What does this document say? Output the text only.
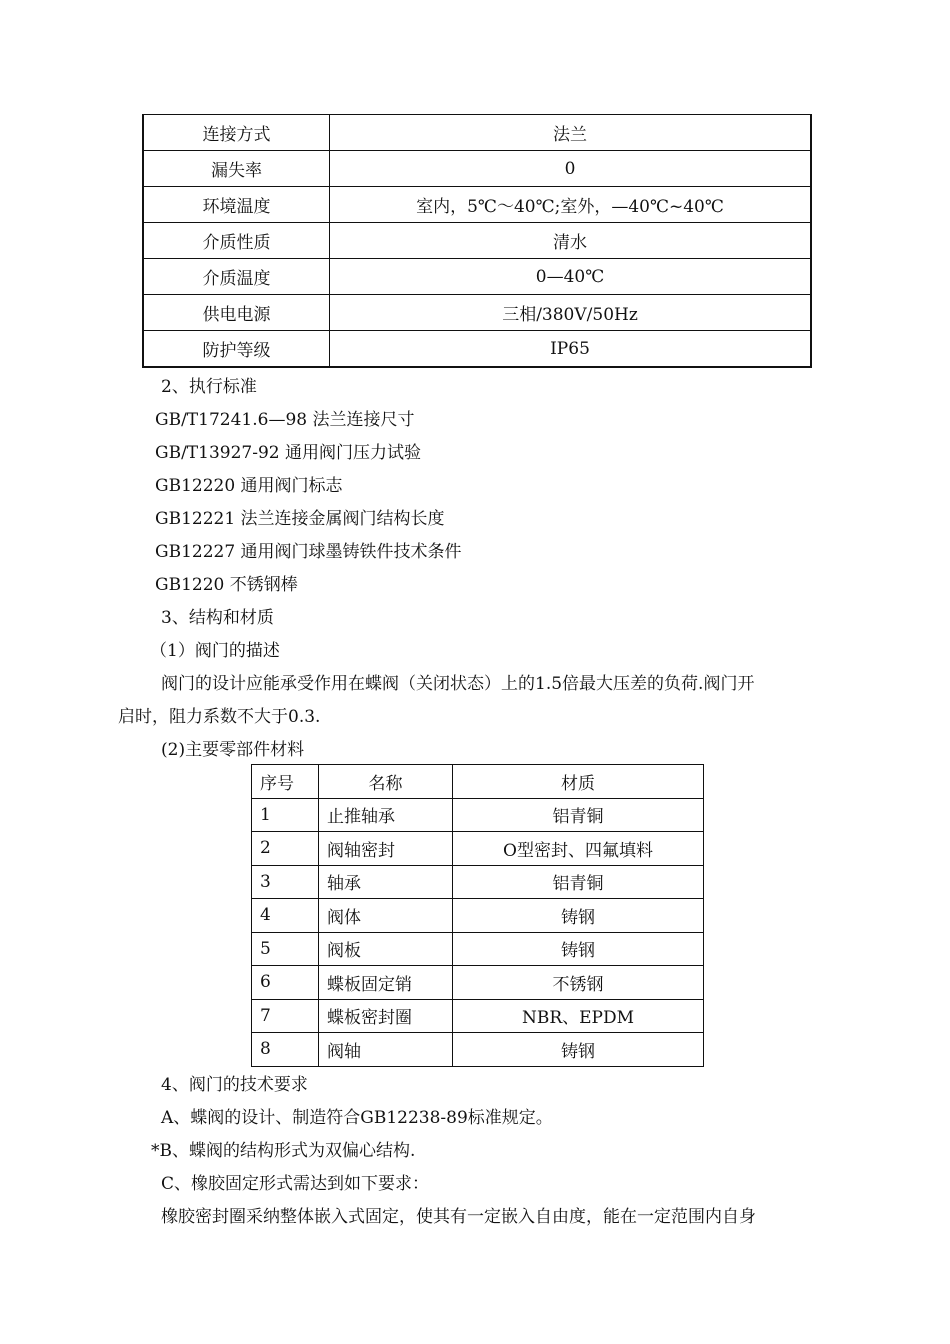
连接方式	法兰
漏失率	0
环境温度	室内，5℃～40℃;室外，—40℃~40℃
介质性质	清水
介质温度	0—40℃
供电电源	三相/380V/50Hz
防护等级	IP65
2、执行标准
GB/T17241.6—98 法兰连接尺寸
GB/T13927-92 通用阀门压力试验
GB12220 通用阀门标志
GB12221 法兰连接金属阀门结构长度
GB12227 通用阀门球墨铸铁件技术条件
GB1220 不锈钢棒
3、结构和材质
（1）阀门的描述
阀门的设计应能承受作用在蝶阀（关闭状态）上的1.5倍最大压差的负荷.阀门开
启时，阻力系数不大于0.3.
(2)主要零部件材料
序号	名称	材质
1	止推轴承	铝青铜
2	阀轴密封	O型密封、四氟填料
3	轴承	铝青铜
4	阀体	铸钢
5	阀板	铸钢
6	蝶板固定销	不锈钢
7	蝶板密封圈	NBR、EPDM
8	阀轴	铸钢
4、阀门的技术要求
A、蝶阀的设计、制造符合GB12238-89标准规定。
*B、蝶阀的结构形式为双偏心结构.
C、橡胶固定形式需达到如下要求：
橡胶密封圈采纳整体嵌入式固定，使其有一定嵌入自由度，能在一定范围内自身
